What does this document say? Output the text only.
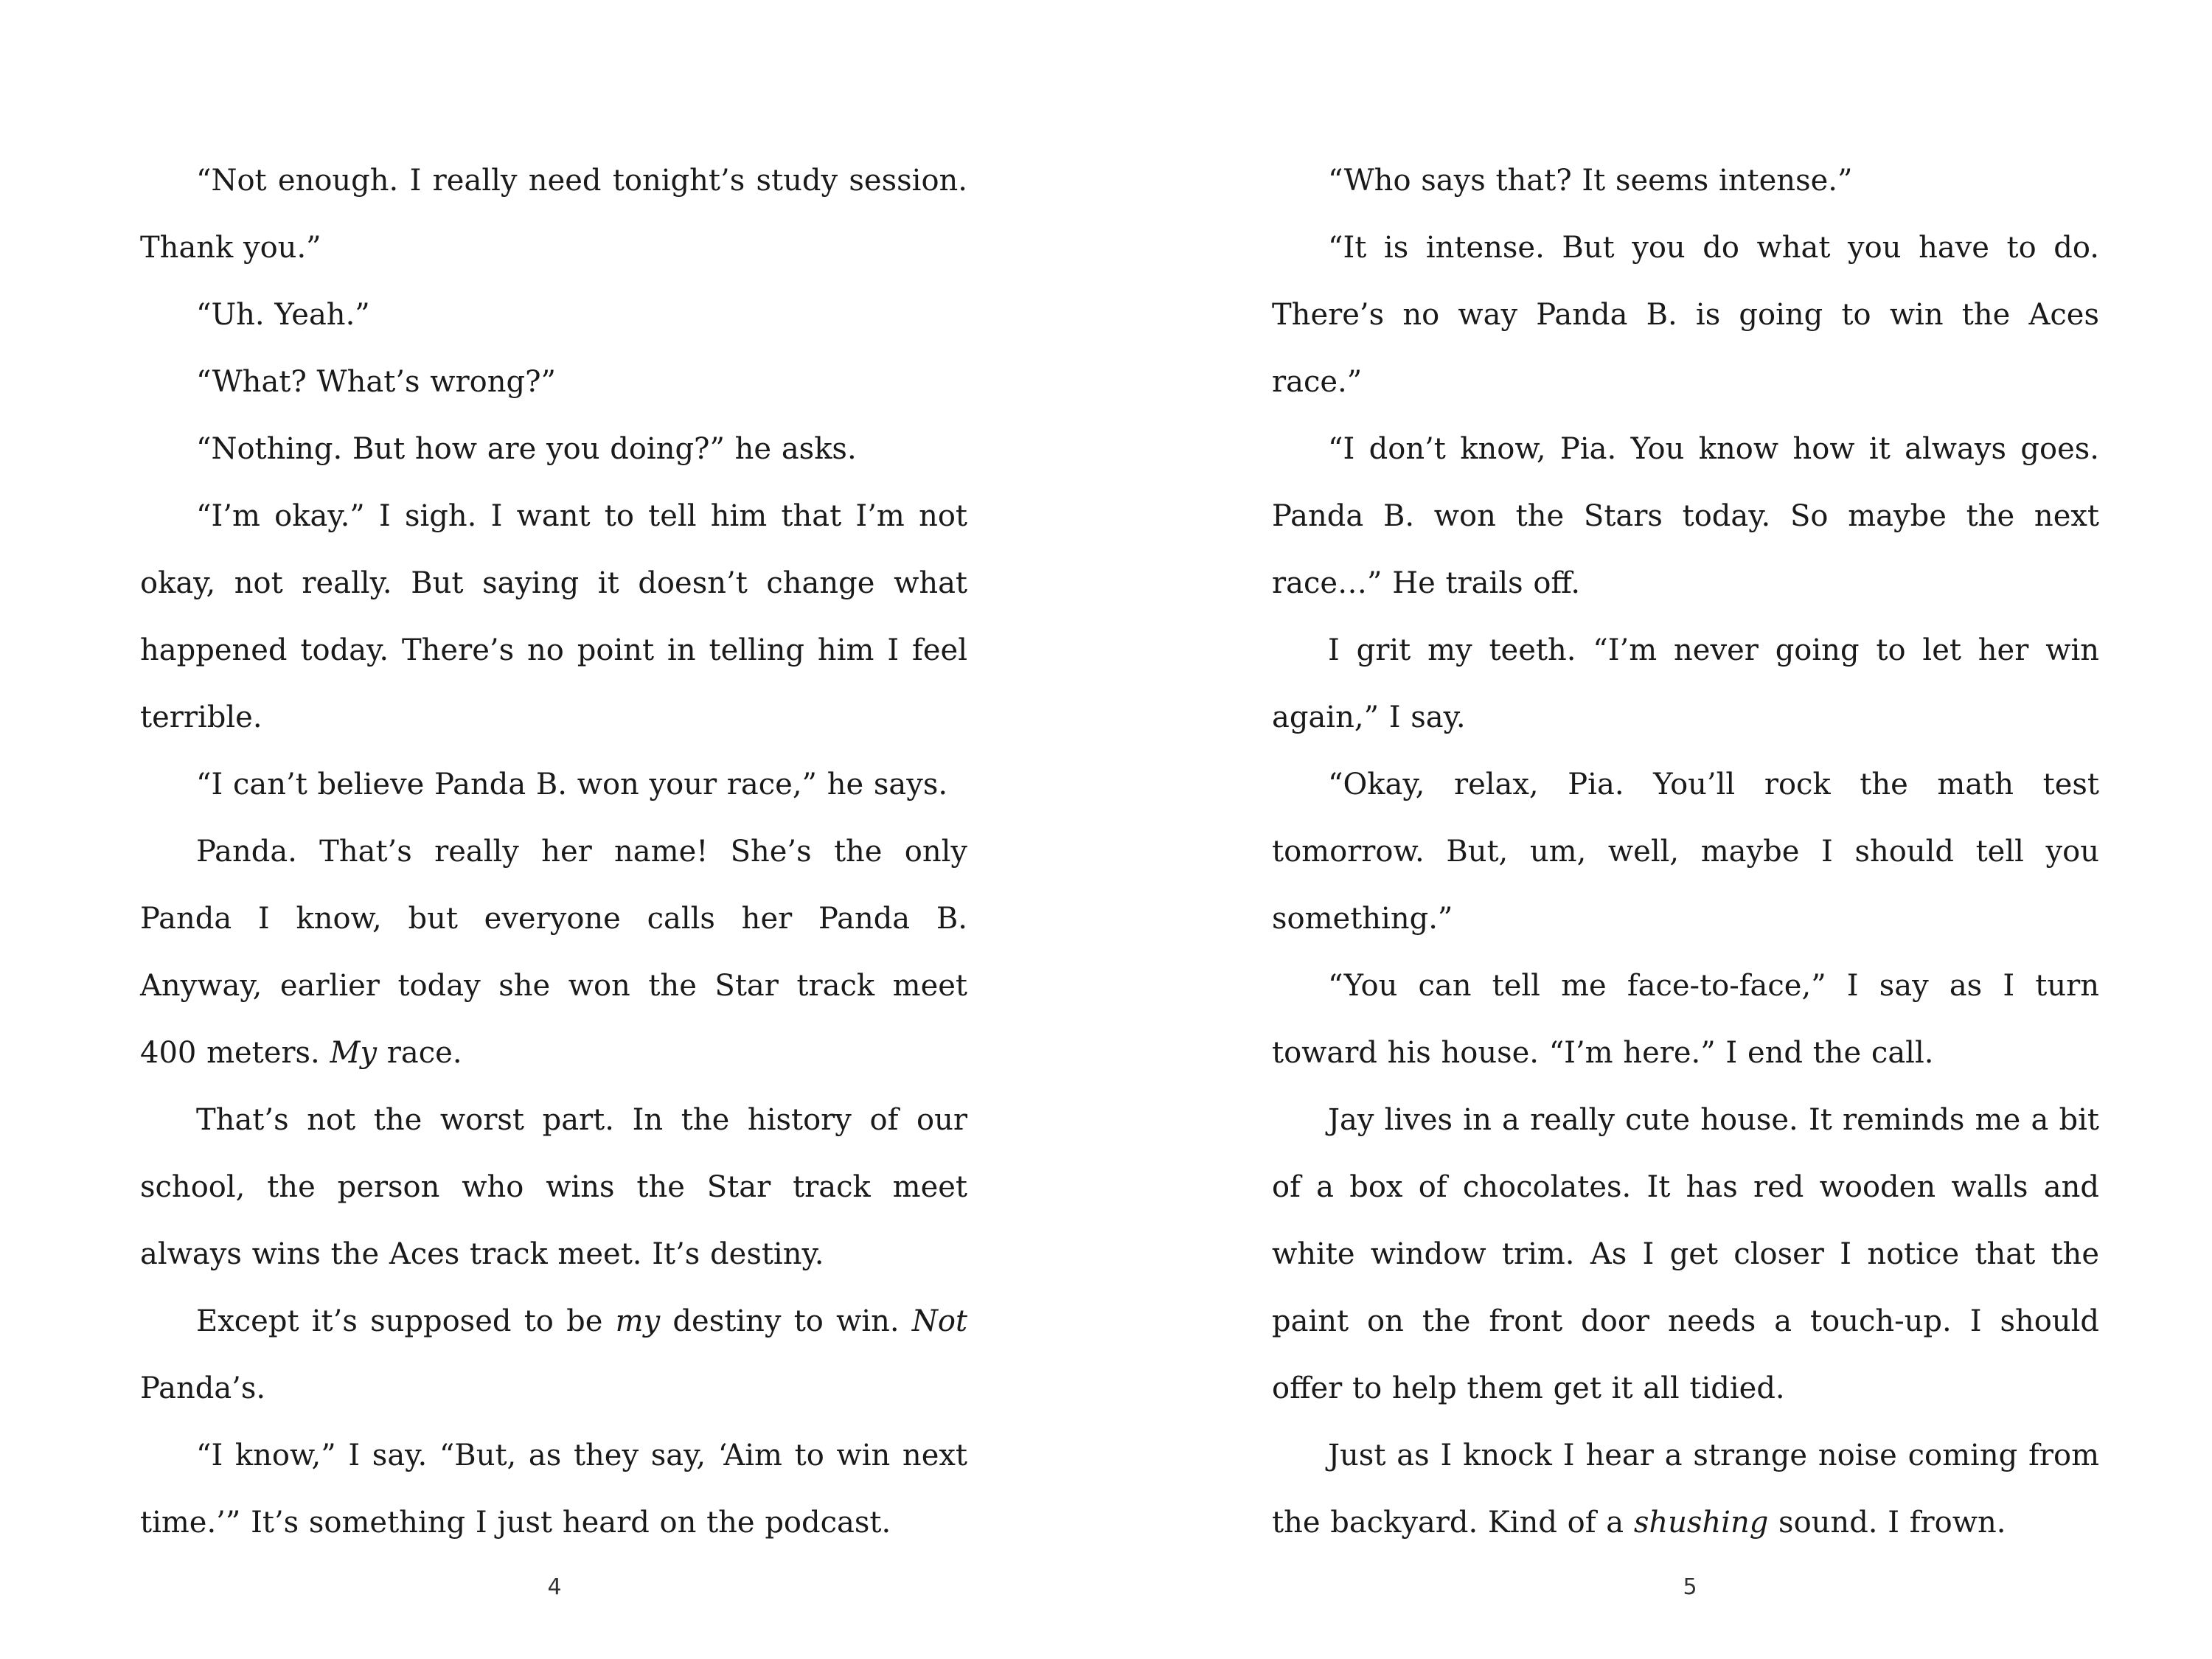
“Not enough. I really need tonight’s study session. Thank you.”

“Uh. Yeah.”

“What? What’s wrong?”

“Nothing. But how are you doing?” he asks.

“I’m okay.” I sigh. I want to tell him that I’m not okay, not really. But saying it doesn’t change what happened today. There’s no point in telling him I feel terrible.

“I can’t believe Panda B. won your race,” he says.

Panda. That’s really her name! She’s the only Panda I know, but everyone calls her Panda B. Anyway, earlier today she won the Star track meet 400 meters. My race.

That’s not the worst part. In the history of our school, the person who wins the Star track meet always wins the Aces track meet. It’s destiny.

Except it’s supposed to be my destiny to win. Not Panda’s.

“I know,” I say. “But, as they say, ‘Aim to win next time.’” It’s something I just heard on the podcast.

4

“Who says that? It seems intense.”

“It is intense. But you do what you have to do. There’s no way Panda B. is going to win the Aces race.”

“I don’t know, Pia. You know how it always goes. Panda B. won the Stars today. So maybe the next race…” He trails off.

I grit my teeth. “I’m never going to let her win again,” I say.

“Okay, relax, Pia. You’ll rock the math test tomorrow. But, um, well, maybe I should tell you something.”

“You can tell me face-to-face,” I say as I turn toward his house. “I’m here.” I end the call.

Jay lives in a really cute house. It reminds me a bit of a box of chocolates. It has red wooden walls and white window trim. As I get closer I notice that the paint on the front door needs a touch-up. I should offer to help them get it all tidied.

Just as I knock I hear a strange noise coming from the backyard. Kind of a shushing sound. I frown.

5
